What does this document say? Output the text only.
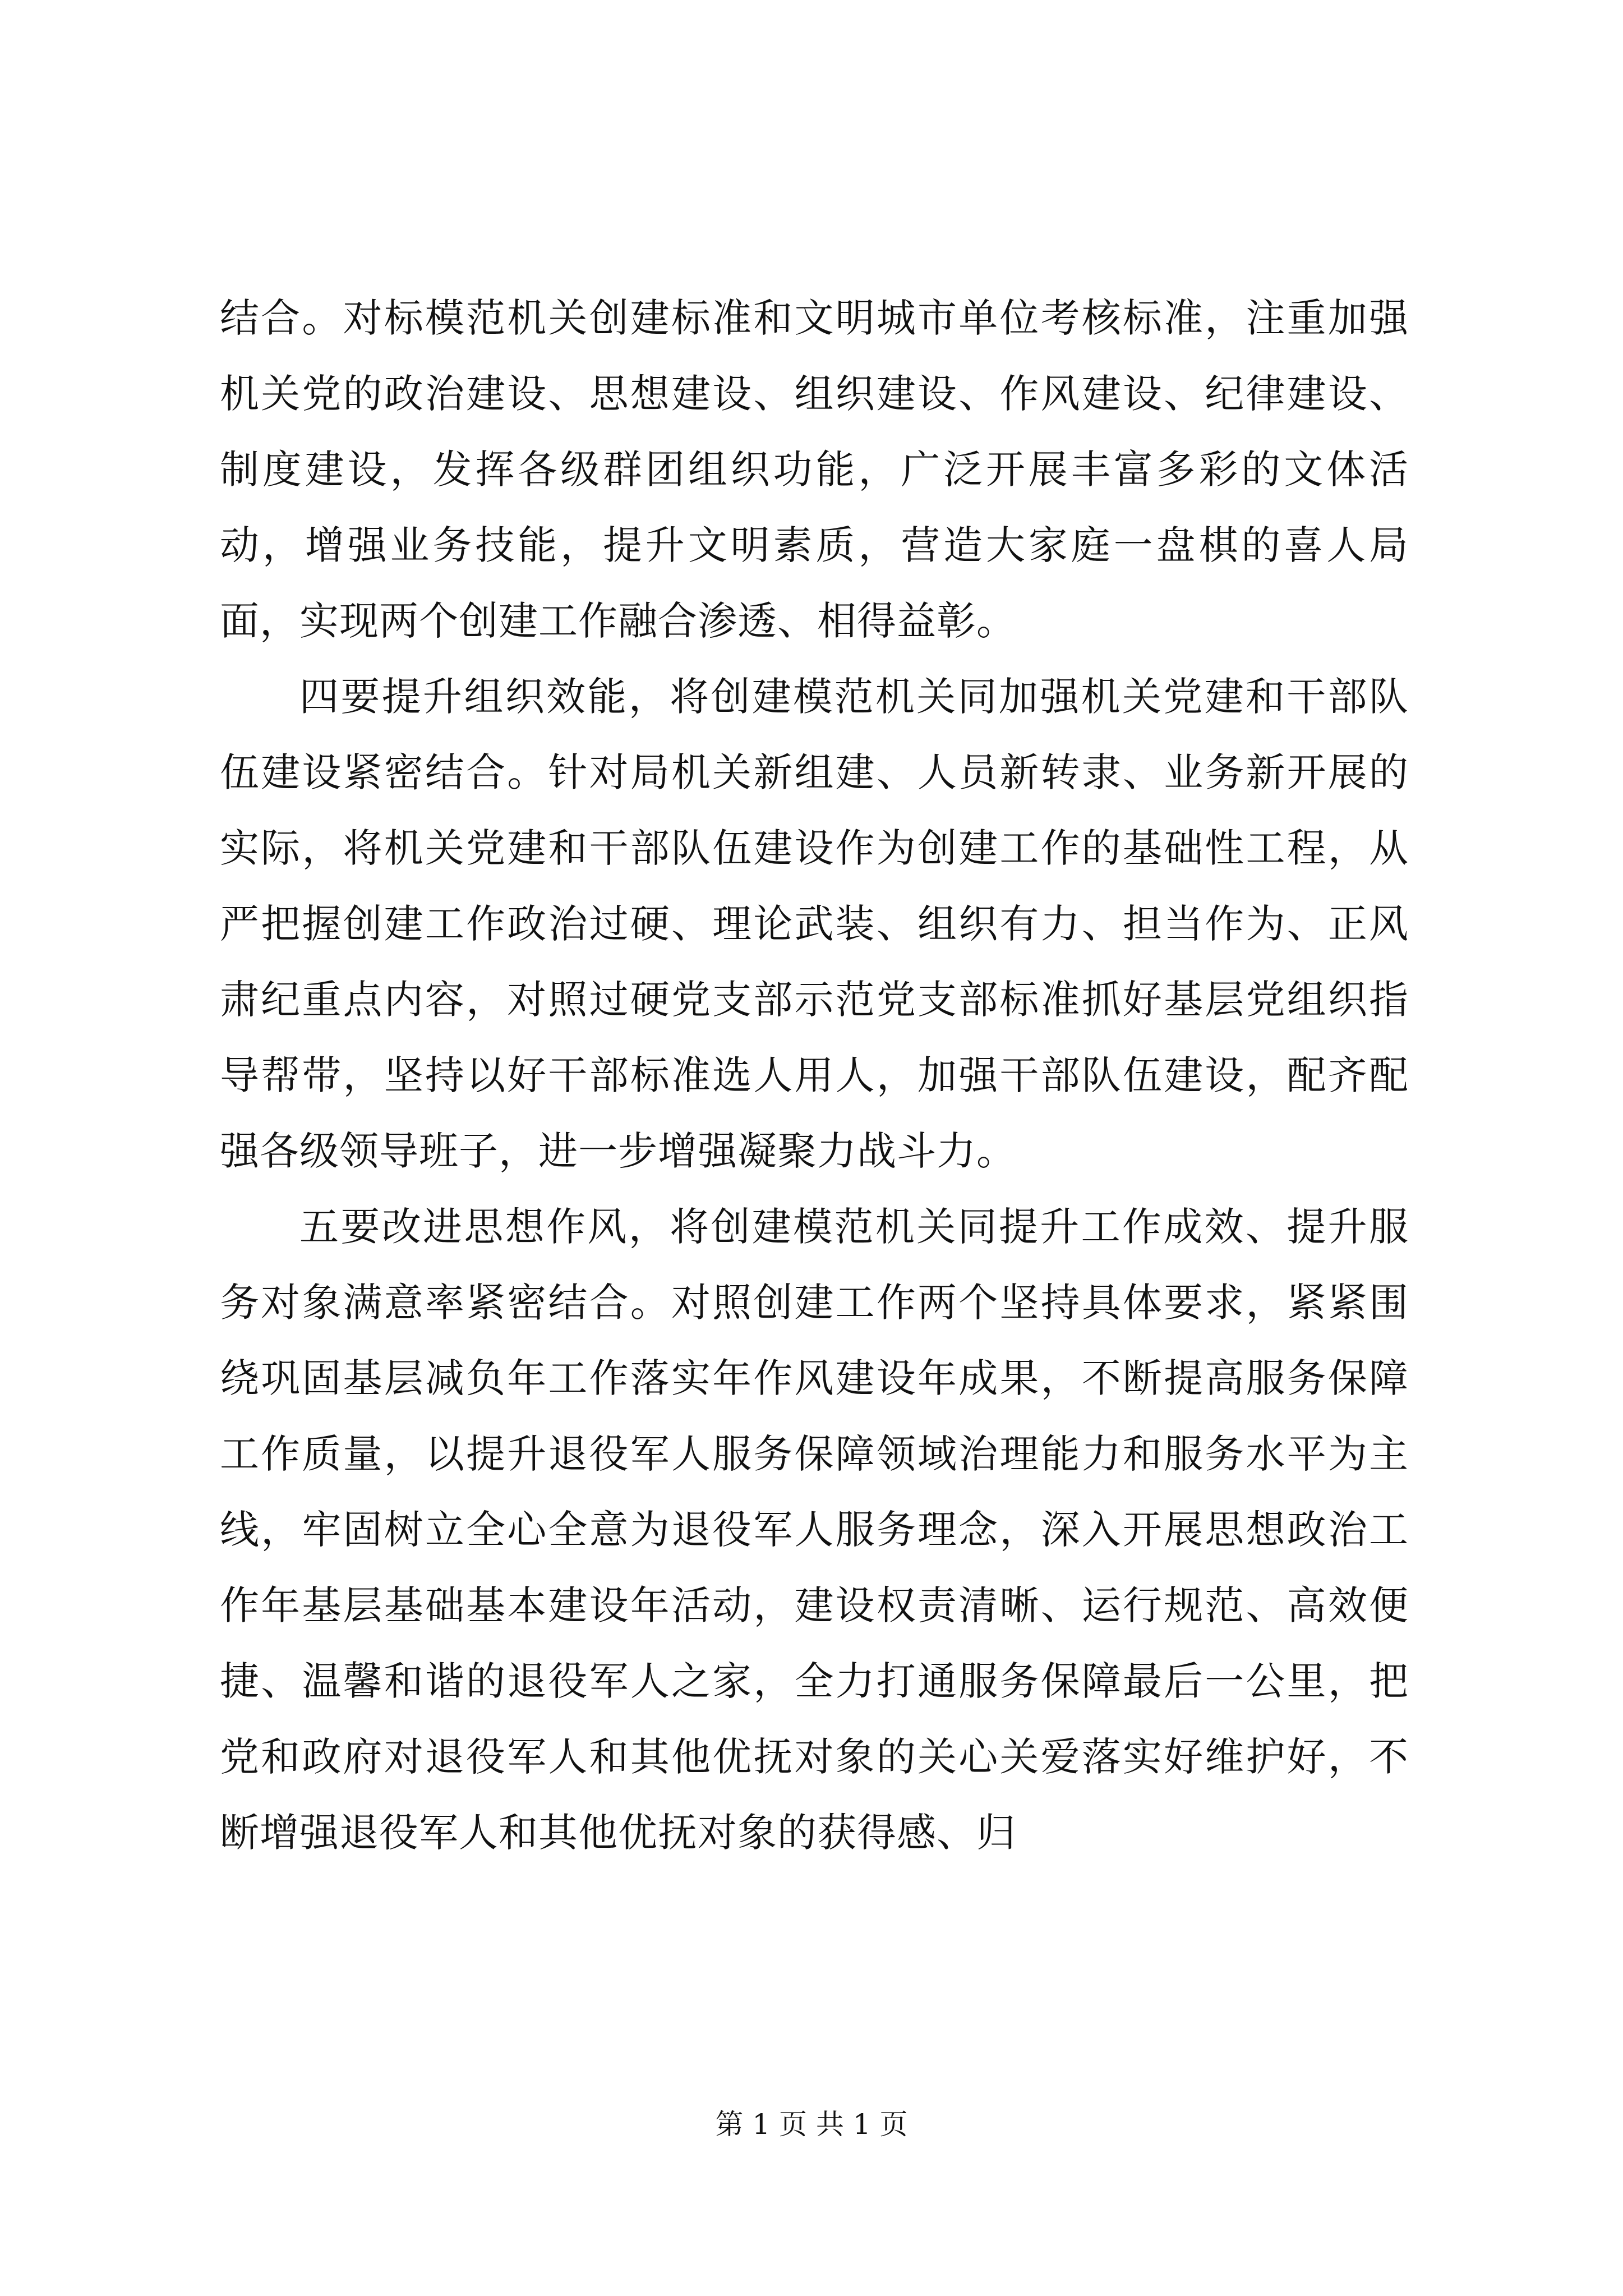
结合。对标模范机关创建标准和文明城市单位考核标准，注重加强机关党的政治建设、思想建设、组织建设、作风建设、纪律建设、制度建设，发挥各级群团组织功能，广泛开展丰富多彩的文体活动，增强业务技能，提升文明素质，营造大家庭一盘棋的喜人局面，实现两个创建工作融合渗透、相得益彰。

四要提升组织效能，将创建模范机关同加强机关党建和干部队伍建设紧密结合。针对局机关新组建、人员新转隶、业务新开展的实际，将机关党建和干部队伍建设作为创建工作的基础性工程，从严把握创建工作政治过硬、理论武装、组织有力、担当作为、正风肃纪重点内容，对照过硬党支部示范党支部标准抓好基层党组织指导帮带，坚持以好干部标准选人用人，加强干部队伍建设，配齐配强各级领导班子，进一步增强凝聚力战斗力。

五要改进思想作风，将创建模范机关同提升工作成效、提升服务对象满意率紧密结合。对照创建工作两个坚持具体要求，紧紧围绕巩固基层减负年工作落实年作风建设年成果，不断提高服务保障工作质量，以提升退役军人服务保障领域治理能力和服务水平为主线，牢固树立全心全意为退役军人服务理念，深入开展思想政治工作年基层基础基本建设年活动，建设权责清晰、运行规范、高效便捷、温馨和谐的退役军人之家，全力打通服务保障最后一公里，把党和政府对退役军人和其他优抚对象的关心关爱落实好维护好，不断增强退役军人和其他优抚对象的获得感、归

第 1 页 共 1 页
